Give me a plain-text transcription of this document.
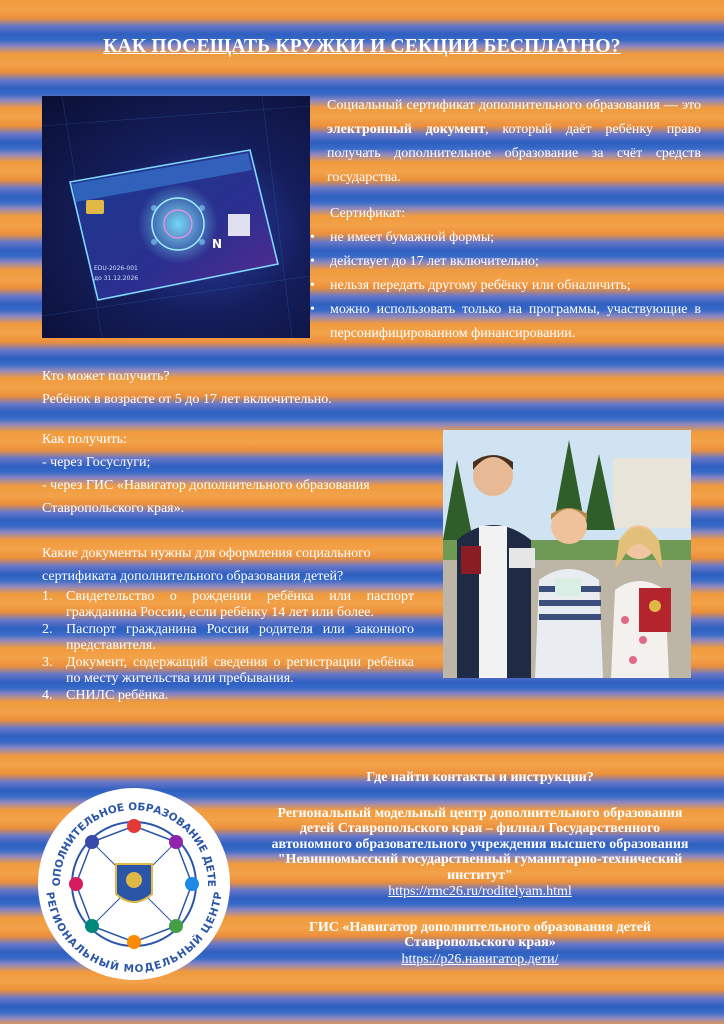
КАК ПОСЕЩАТЬ КРУЖКИ И СЕКЦИИ БЕСПЛАТНО?
EDU-2026-001
до 31.12.2026
N
Социальный сертификат дополнительного образования — это электронный документ, который даёт ребёнку право получать дополнительное образование за счёт средств государства.
Сертификат:
• не имеет бумажной формы;
• действует до 17 лет включительно;
• нельзя передать другому ребёнку или обналичить;
• можно использовать только на программы, участвующие в персонифицированном финансировании.
Кто может получить?
Ребёнок в возрасте от 5 до 17 лет включительно.
Как получить:
- через Госуслуги;
- через ГИС «Навигатор дополнительного образования Ставропольского края».
Какие документы нужны для оформления социального сертификата дополнительного образования детей?
1. Свидетельство о рождении ребёнка или паспорт гражданина России, если ребёнку 14 лет или более.
2. Паспорт гражданина России родителя или законного представителя.
3. Документ, содержащий сведения о регистрации ребёнка по месту жительства или пребывания.
4. СНИЛС ребёнка.
ОПОЛНИТЕЛЬНОЕ ОБРАЗОВАНИЕ ДЕТЕ
РЕГИОНАЛЬНЫЙ МОДЕЛЬНЫЙ ЦЕНТР
Где найти контакты и инструкции?
Региональный модельный центр дополнительного образования детей Ставропольского края – филиал Государственного автономного образовательного учреждения высшего образования "Невинномысский государственный гуманитарно-технический институт"
https://rmc26.ru/roditelyam.html
ГИС «Навигатор дополнительного образования детей Ставропольского края»
https://р26.навигатор.дети/
